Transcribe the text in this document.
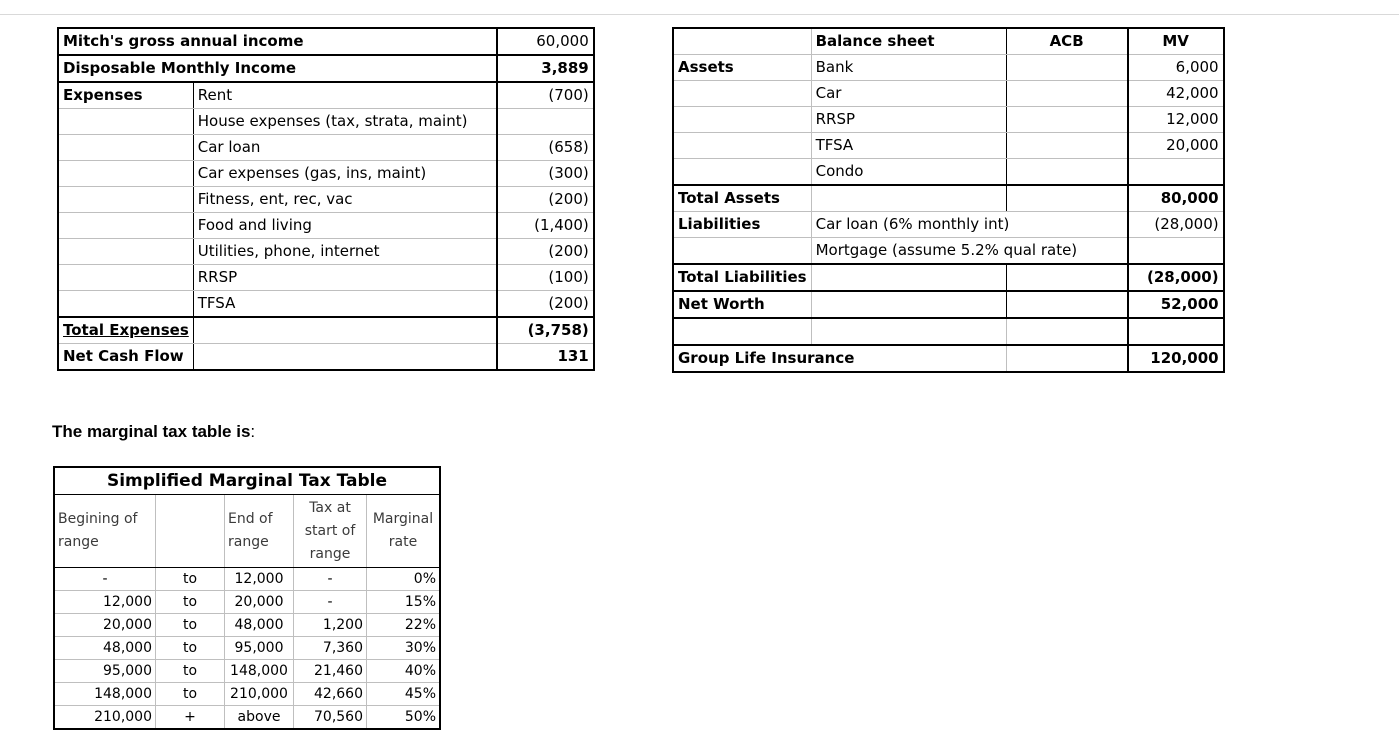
Mitch's gross annual income		60,000
Disposable Monthly Income		3,889
Expenses	Rent	(700)
	House expenses (tax, strata, maint)	
	Car loan	(658)
	Car expenses (gas, ins, maint)	(300)
	Fitness, ent, rec, vac	(200)
	Food and living	(1,400)
	Utilities, phone, internet	(200)
	RRSP	(100)
	TFSA	(200)
Total Expenses		(3,758)
Net Cash Flow		131
	Balance sheet	ACB	MV
Assets	Bank		6,000
	Car		42,000
	RRSP		12,000
	TFSA		20,000
	Condo		
Total Assets			80,000
Liabilities	Car loan (6% monthly int)		(28,000)
	Mortgage (assume 5.2% qual rate)		
Total Liabilities			(28,000)
Net Worth			52,000

Group Life Insurance			120,000
The marginal tax table is:
Simplified Marginal Tax Table				
Begining of range		End of range	Tax at start of range	Marginal rate
-	to	12,000	-	0%
12,000	to	20,000	-	15%
20,000	to	48,000	1,200	22%
48,000	to	95,000	7,360	30%
95,000	to	148,000	21,460	40%
148,000	to	210,000	42,660	45%
210,000	+	above	70,560	50%
